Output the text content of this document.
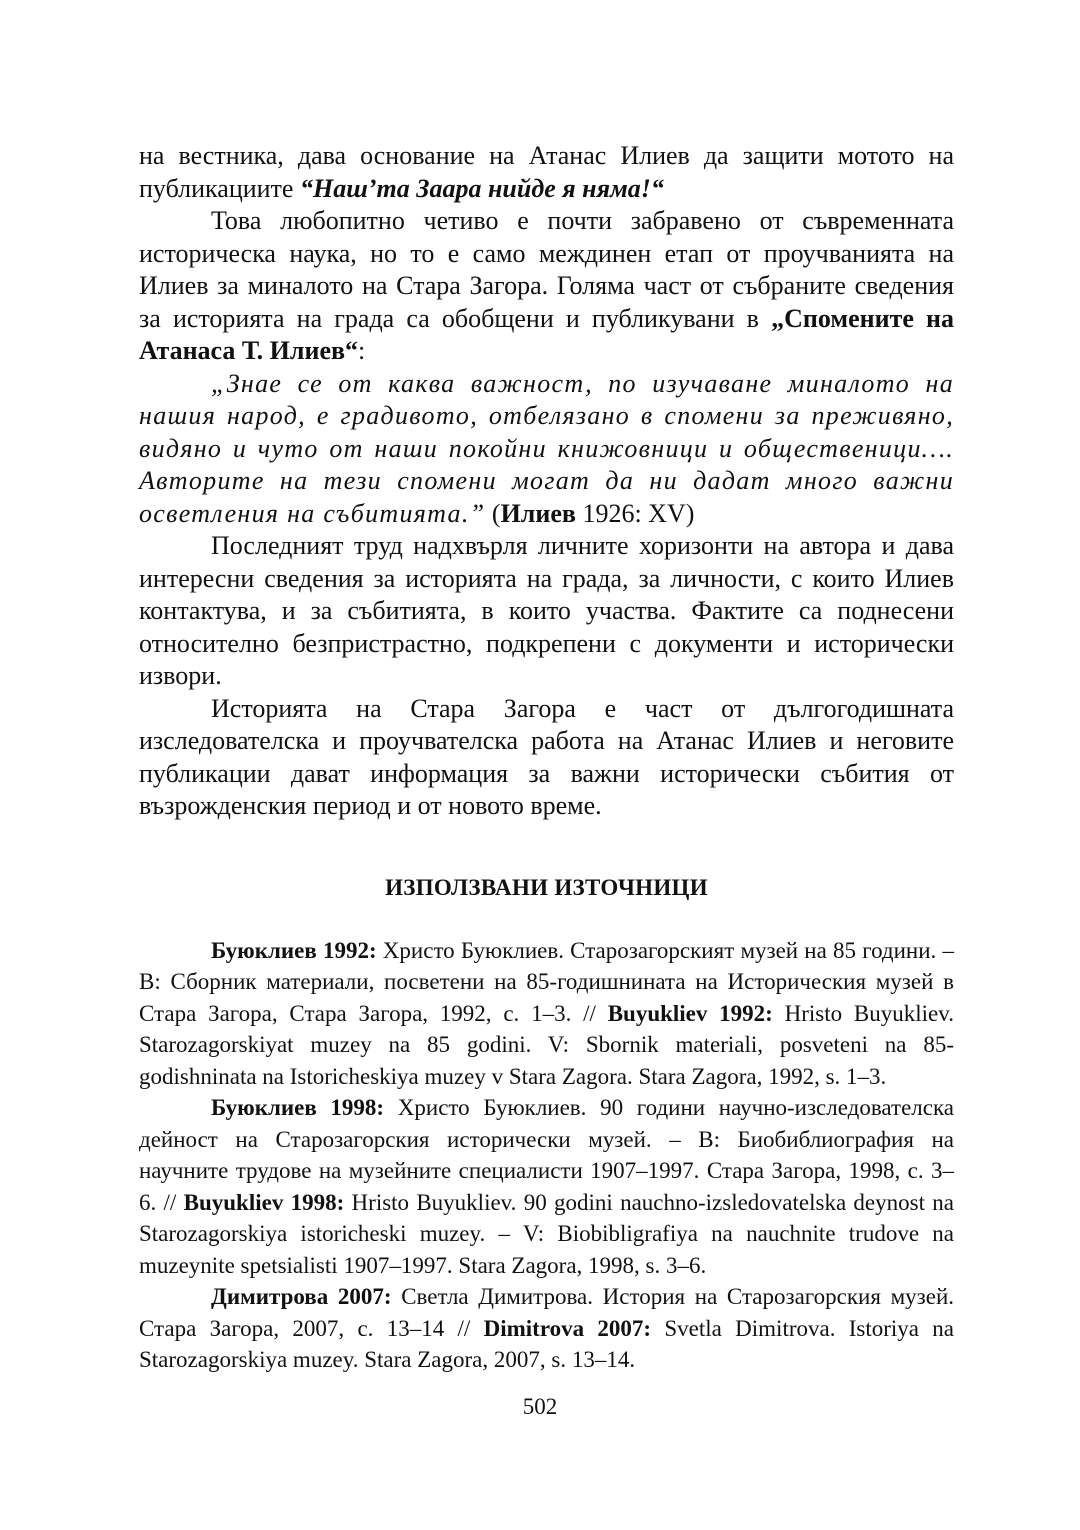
на вестника, дава основание на Атанас Илиев да защити мотото на публикациите “Наш’та Заара нийде я няма!“

Това любопитно четиво е почти забравено от съвременната историческа наука, но то е само междинен етап от проучванията на Илиев за миналото на Стара Загора. Голяма част от събраните сведения за историята на града са обобщени и публикувани в „Спомените на Атанаса Т. Илиев“:

„Знае се от каква важност, по изучаване миналото на нашия народ, е градивото, отбелязано в спомени за преживяно, видяно и чуто от наши покойни книжовници и общественици…. Авторите на тези спомени могат да ни дадат много важни осветления на събитията.” (Илиев 1926: XV)

Последният труд надхвърля личните хоризонти на автора и дава интересни сведения за историята на града, за личности, с които Илиев контактува, и за събитията, в които участва. Фактите са поднесени относително безпристрастно, подкрепени с документи и исторически извори.

Историята на Стара Загора е част от дългогодишната изследователска и проучвателска работа на Атанас Илиев и неговите публикации дават информация за важни исторически събития от възрожденския период и от новото време.

ИЗПОЛЗВАНИ ИЗТОЧНИЦИ

Буюклиев 1992: Христо Буюклиев. Старозагорският музей на 85 години. – В: Сборник материали, посветени на 85-годишнината на Историческия музей в Стара Загора, Стара Загора, 1992, с. 1–3. // Buyukliev 1992: Hristo Buyukliev. Starozagorskiyat muzey na 85 godini. V: Sbornik materiali, posveteni na 85-godishninata na Istoricheskiya muzey v Stara Zagora. Stara Zagora, 1992, s. 1–3.

Буюклиев 1998: Христо Буюклиев. 90 години научно-изследователска дейност на Старозагорския исторически музей. – В: Биобиблиография на научните трудове на музейните специалисти 1907–1997. Стара Загора, 1998, с. 3–6. // Buyukliev 1998: Hristo Buyukliev. 90 godini nauchno-izsledovatelska deynost na Starozagorskiya istoricheski muzey. – V: Biobibligrafiya na nauchnite trudove na muzeynite spetsialisti 1907–1997. Stara Zagora, 1998, s. 3–6.

Димитрова 2007: Светла Димитрова. История на Старозагорския музей. Стара Загора, 2007, с. 13–14 // Dimitrova 2007: Svetla Dimitrova. Istoriya na Starozagorskiya muzey. Stara Zagora, 2007, s. 13–14.

502
